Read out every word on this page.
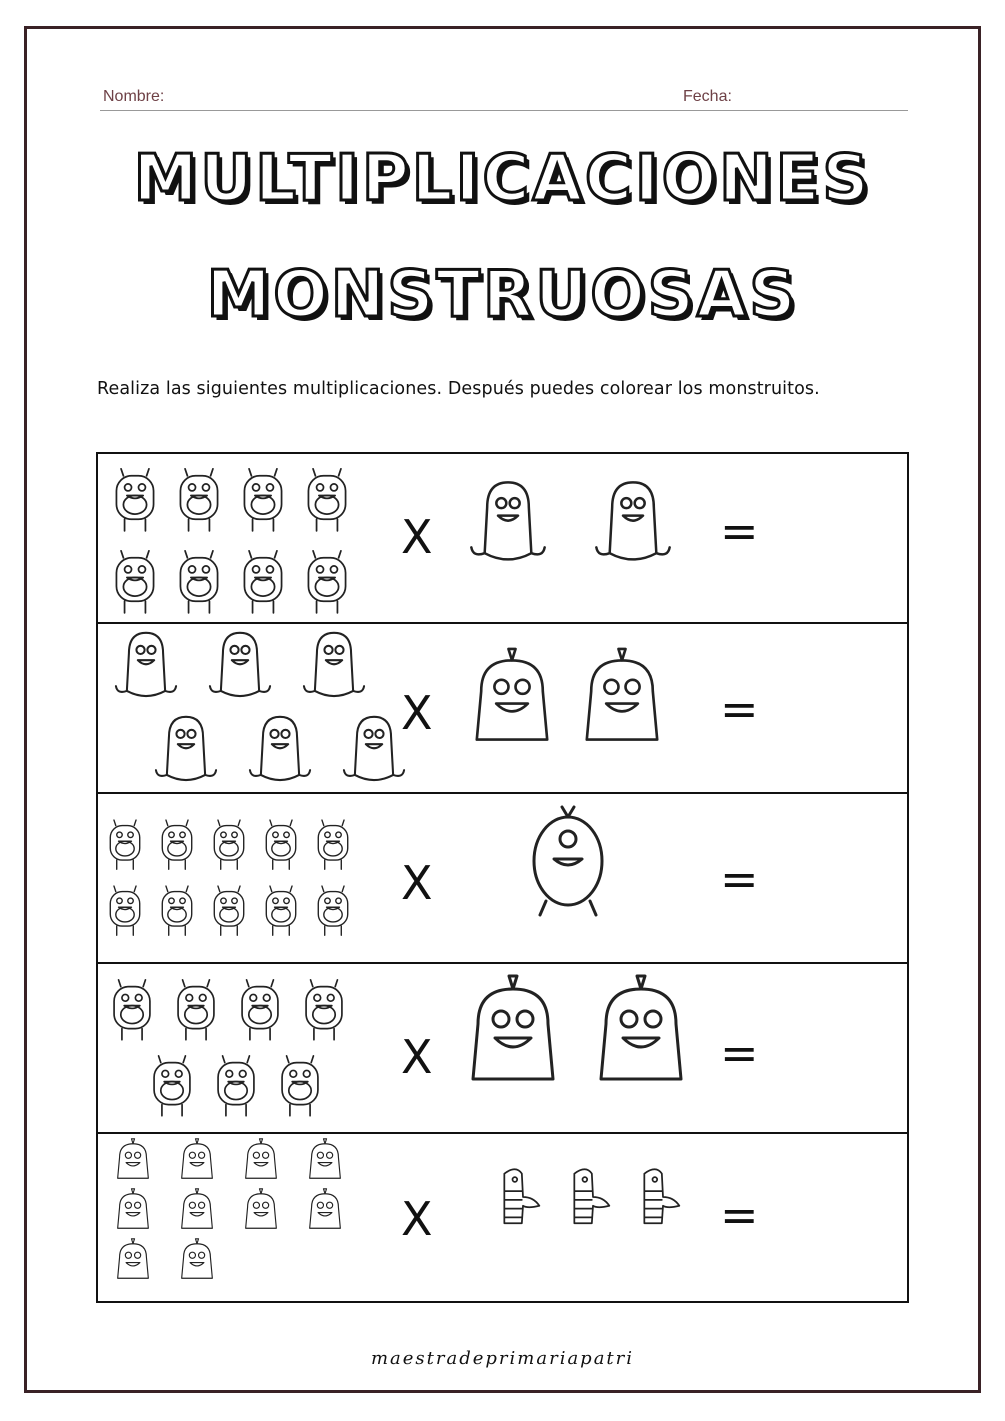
Nombre:	Fecha:
MULTIPLICACIONES
MONSTRUOSAS
Realiza las siguientes multiplicaciones. Después puedes colorear los monstruitos.
X	=
X	=
X	=
X	=
X	=
maestradeprimariapatri
